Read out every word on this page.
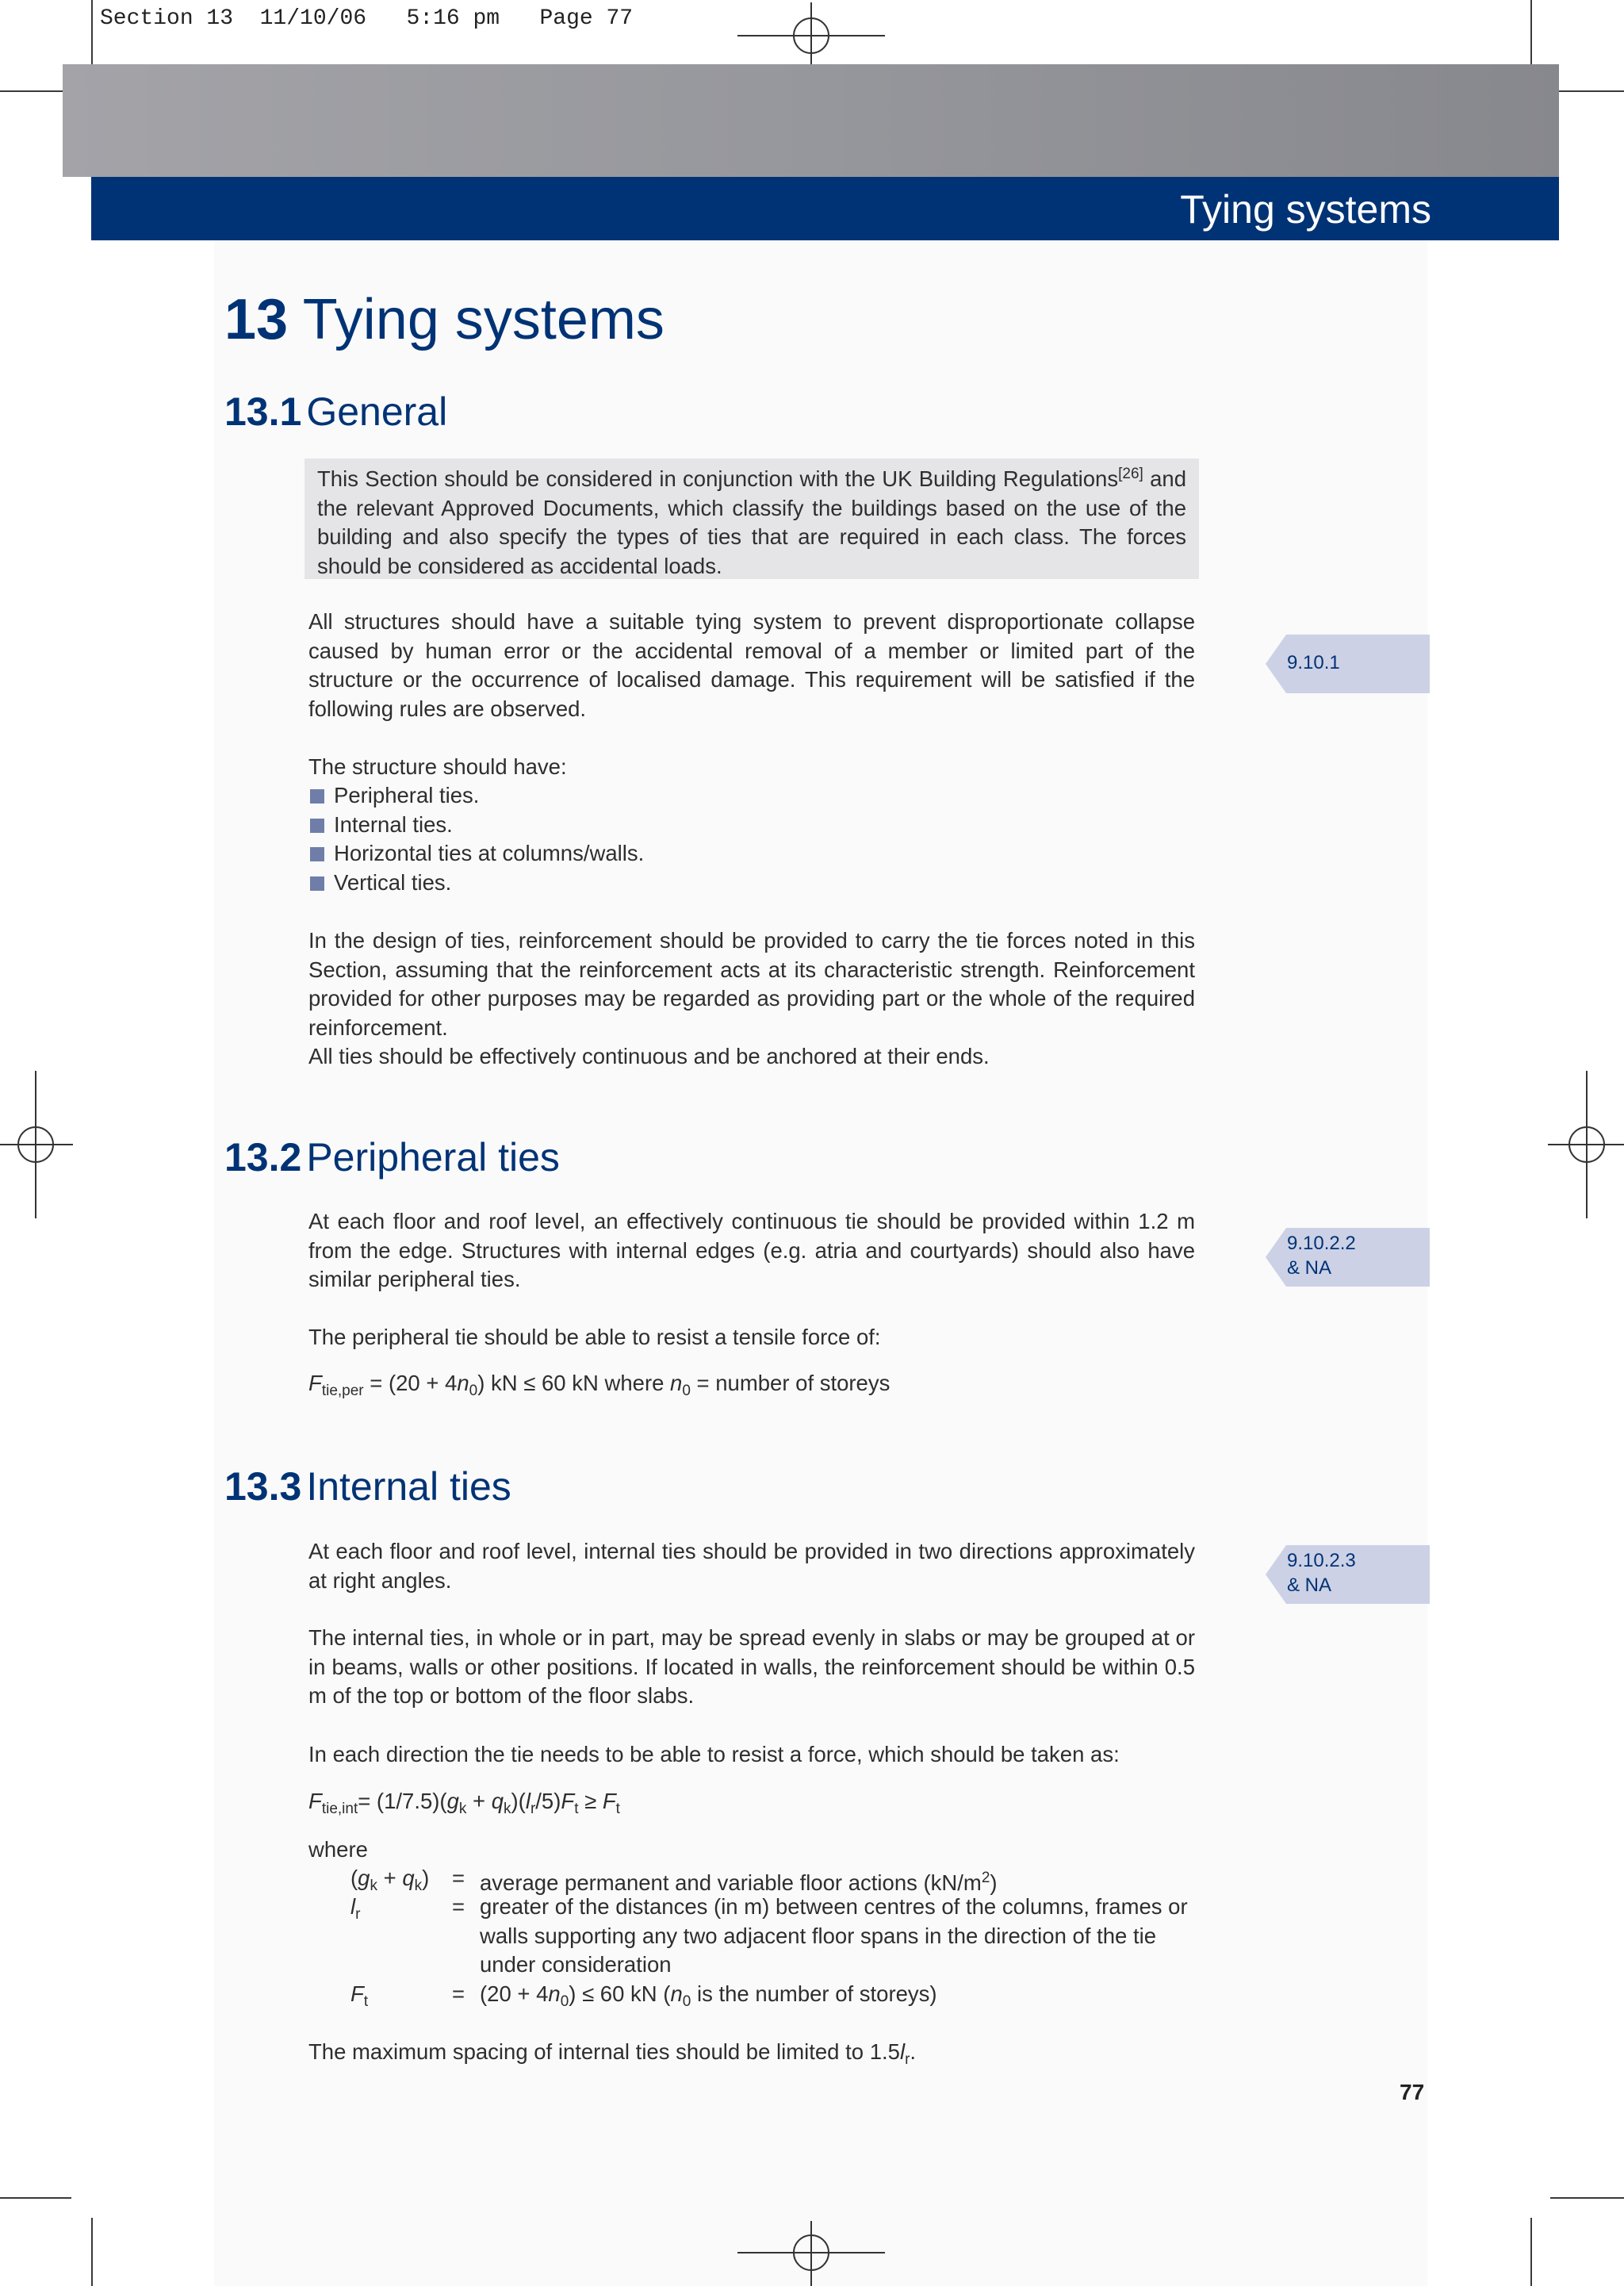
Section 13  11/10/06   5:16 pm   Page 77
Tying systems
13 Tying systems
13.1 General
This Section should be considered in conjunction with the UK Building Regulations[26] and the relevant Approved Documents, which classify the buildings based on the use of the building and also specify the types of ties that are required in each class. The forces should be considered as accidental loads.
All structures should have a suitable tying system to prevent disproportionate collapse caused by human error or the accidental removal of a member or limited part of the structure or the occurrence of localised damage. This requirement will be satisfied if the following rules are observed.
The structure should have:
Peripheral ties.
Internal ties.
Horizontal ties at columns/walls.
Vertical ties.
In the design of ties, reinforcement should be provided to carry the tie forces noted in this Section, assuming that the reinforcement acts at its characteristic strength. Reinforcement provided for other purposes may be regarded as providing part or the whole of the required reinforcement.
All ties should be effectively continuous and be anchored at their ends.
13.2 Peripheral ties
At each floor and roof level, an effectively continuous tie should be provided within 1.2 m from the edge. Structures with internal edges (e.g. atria and courtyards) should also have similar peripheral ties.
The peripheral tie should be able to resist a tensile force of:
$F_{tie,per} = (20 + 4n_0)$ kN ≤ 60 kN where $n_0$ = number of storeys
13.3 Internal ties
At each floor and roof level, internal ties should be provided in two directions approximately at right angles.
The internal ties, in whole or in part, may be spread evenly in slabs or may be grouped at or in beams, walls or other positions. If located in walls, the reinforcement should be within 0.5 m of the top or bottom of the floor slabs.
In each direction the tie needs to be able to resist a force, which should be taken as:
$F_{tie,int}= (1/7.5)(g_k + q_k)(l_r/5)F_t \ge F_t$
where
$(g_k + q_k)$ = average permanent and variable floor actions $(kN/m^2)$
$l_r$	= greater of the distances (in m) between centres of the columns, frames or walls supporting any two adjacent floor spans in the direction of the tie under consideration
$F_t$	= $(20 + 4n_0) \le 60$ kN ($n_0$ is the number of storeys)
The maximum spacing of internal ties should be limited to $1.5l_r$.
9.10.1
9.10.2.2
& NA
9.10.2.3
& NA
77
